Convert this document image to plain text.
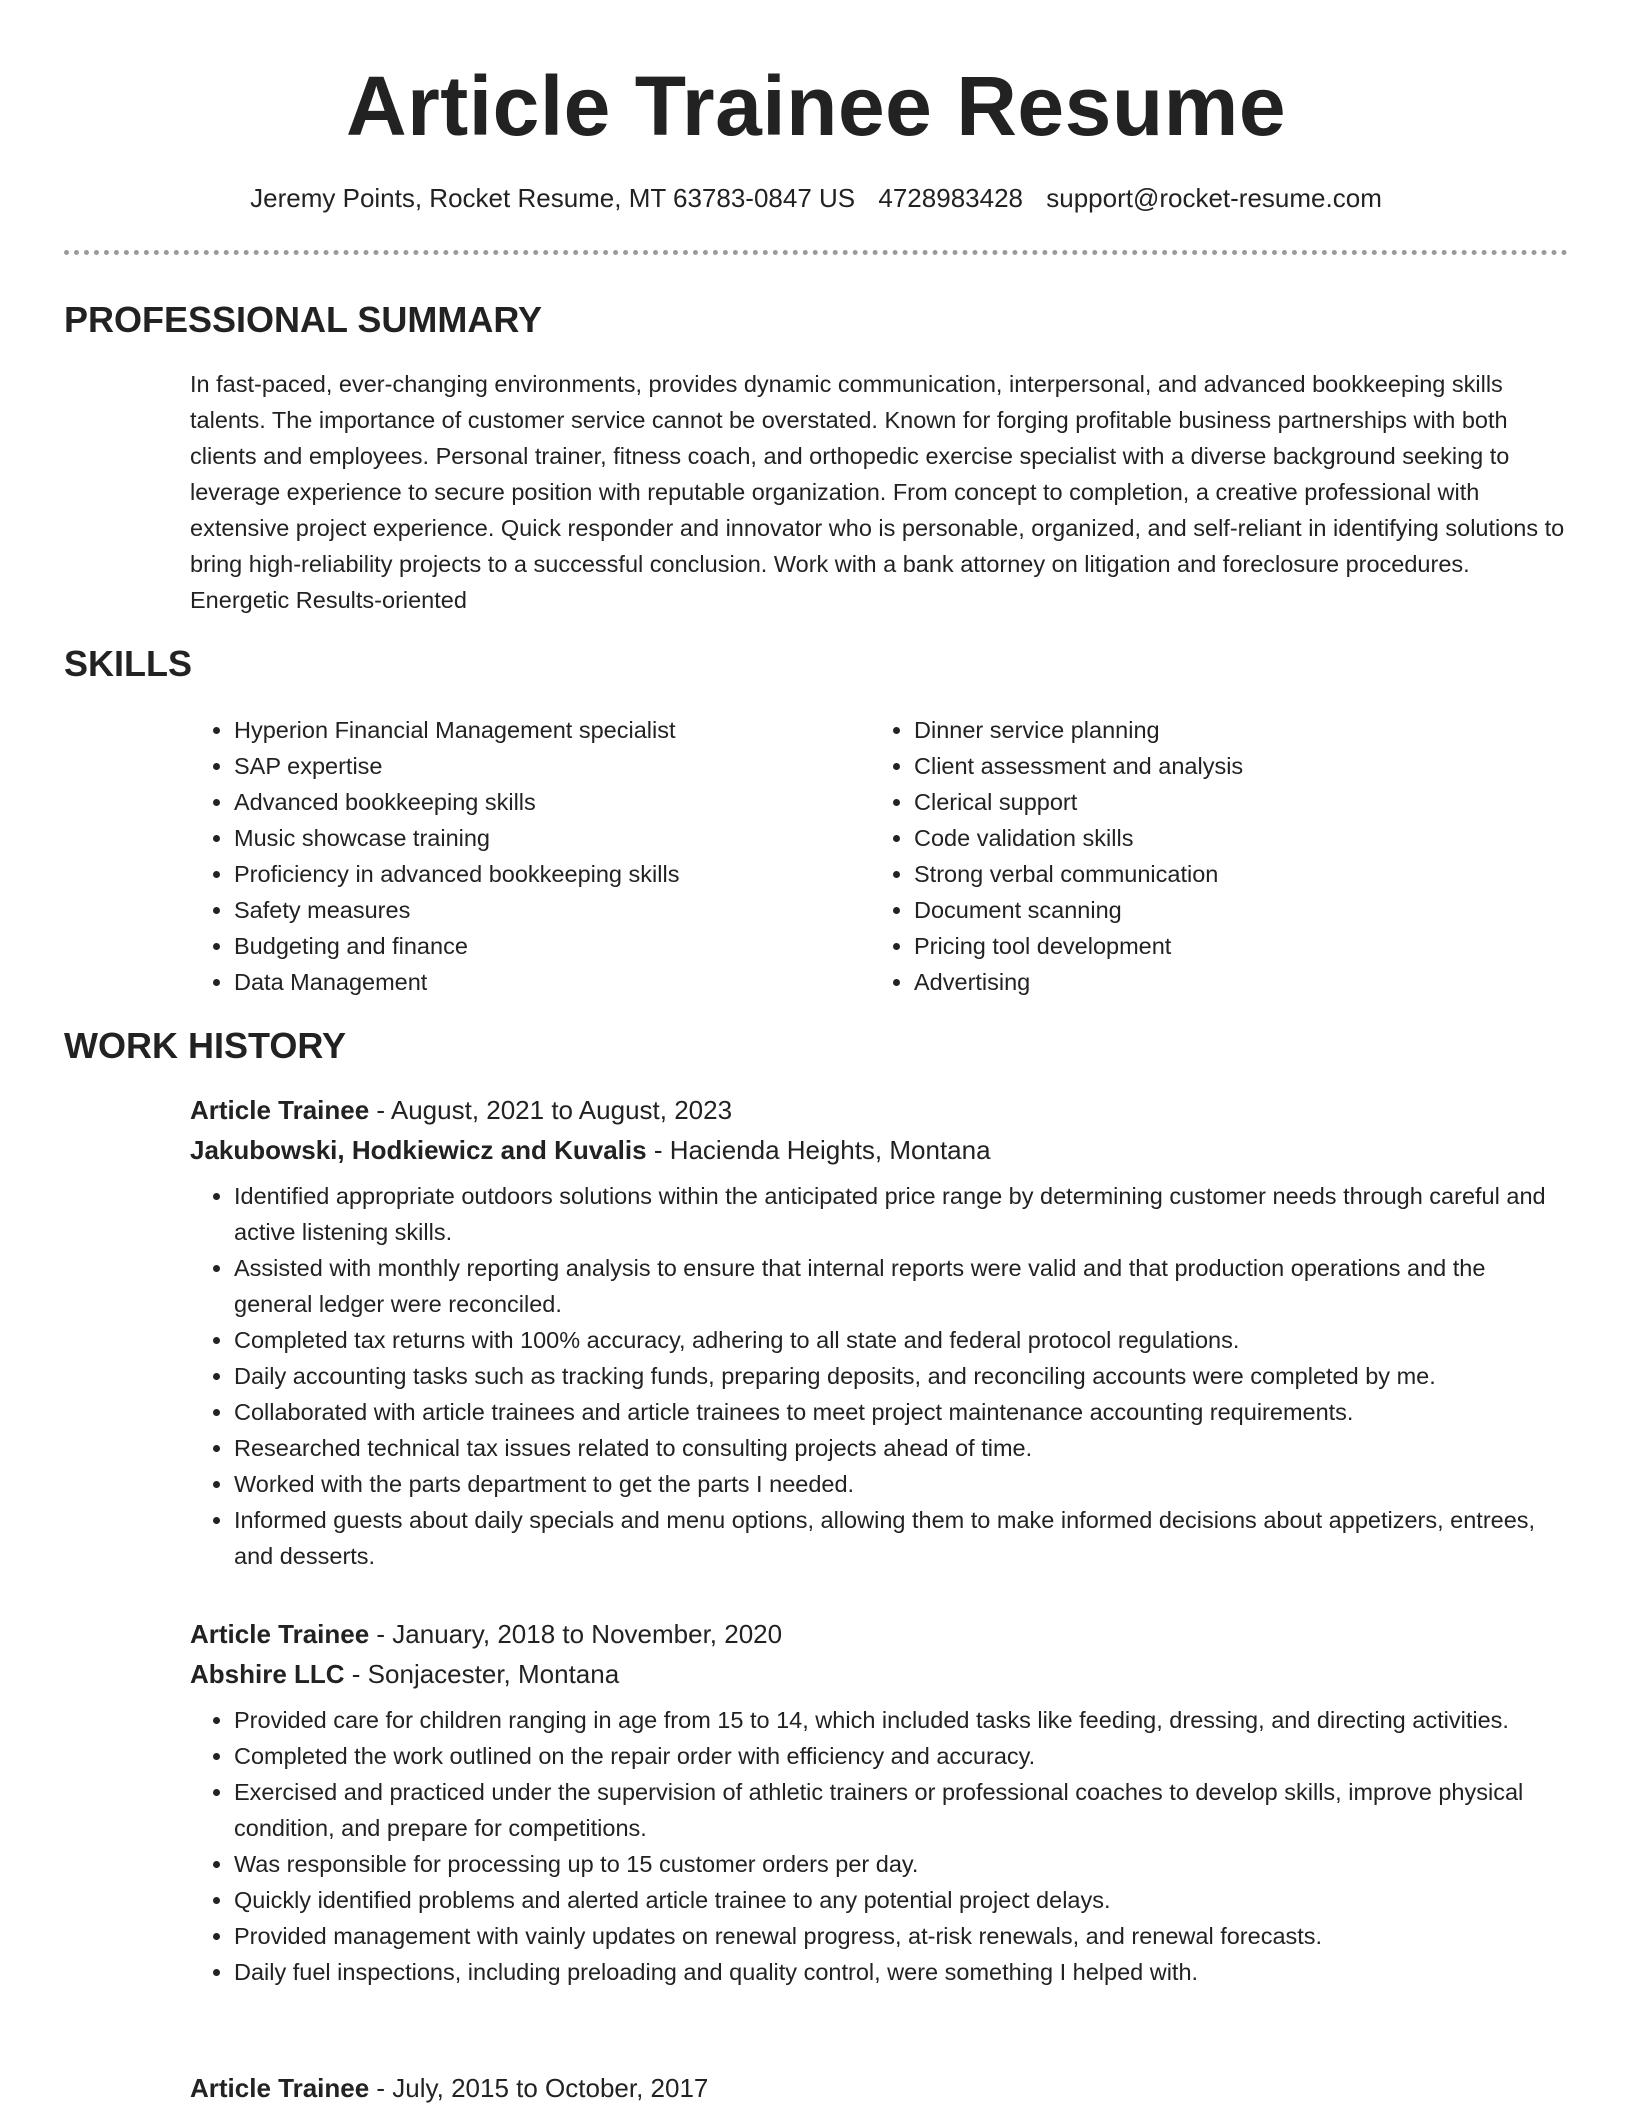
Article Trainee Resume
Jeremy Points, Rocket Resume, MT 63783-0847 US 4728983428 support@rocket-resume.com
PROFESSIONAL SUMMARY

In fast-paced, ever-changing environments, provides dynamic communication, interpersonal, and advanced bookkeeping skills talents. The importance of customer service cannot be overstated. Known for forging profitable business partnerships with both clients and employees. Personal trainer, fitness coach, and orthopedic exercise specialist with a diverse background seeking to leverage experience to secure position with reputable organization. From concept to completion, a creative professional with extensive project experience. Quick responder and innovator who is personable, organized, and self-reliant in identifying solutions to bring high-reliability projects to a successful conclusion. Work with a bank attorney on litigation and foreclosure procedures. Energetic Results-oriented

SKILLS
• Hyperion Financial Management specialist
• SAP expertise
• Advanced bookkeeping skills
• Music showcase training
• Proficiency in advanced bookkeeping skills
• Safety measures
• Budgeting and finance
• Data Management
• Dinner service planning
• Client assessment and analysis
• Clerical support
• Code validation skills
• Strong verbal communication
• Document scanning
• Pricing tool development
• Advertising
WORK HISTORY
Article Trainee - August, 2021 to August, 2023
Jakubowski, Hodkiewicz and Kuvalis - Hacienda Heights, Montana
• Identified appropriate outdoors solutions within the anticipated price range by determining customer needs through careful and active listening skills.
• Assisted with monthly reporting analysis to ensure that internal reports were valid and that production operations and the general ledger were reconciled.
• Completed tax returns with 100% accuracy, adhering to all state and federal protocol regulations.
• Daily accounting tasks such as tracking funds, preparing deposits, and reconciling accounts were completed by me.
• Collaborated with article trainees and article trainees to meet project maintenance accounting requirements.
• Researched technical tax issues related to consulting projects ahead of time.
• Worked with the parts department to get the parts I needed.
• Informed guests about daily specials and menu options, allowing them to make informed decisions about appetizers, entrees, and desserts.
Article Trainee - January, 2018 to November, 2020
Abshire LLC - Sonjacester, Montana
• Provided care for children ranging in age from 15 to 14, which included tasks like feeding, dressing, and directing activities.
• Completed the work outlined on the repair order with efficiency and accuracy.
• Exercised and practiced under the supervision of athletic trainers or professional coaches to develop skills, improve physical condition, and prepare for competitions.
• Was responsible for processing up to 15 customer orders per day.
• Quickly identified problems and alerted article trainee to any potential project delays.
• Provided management with vainly updates on renewal progress, at-risk renewals, and renewal forecasts.
• Daily fuel inspections, including preloading and quality control, were something I helped with.
Article Trainee - July, 2015 to October, 2017
